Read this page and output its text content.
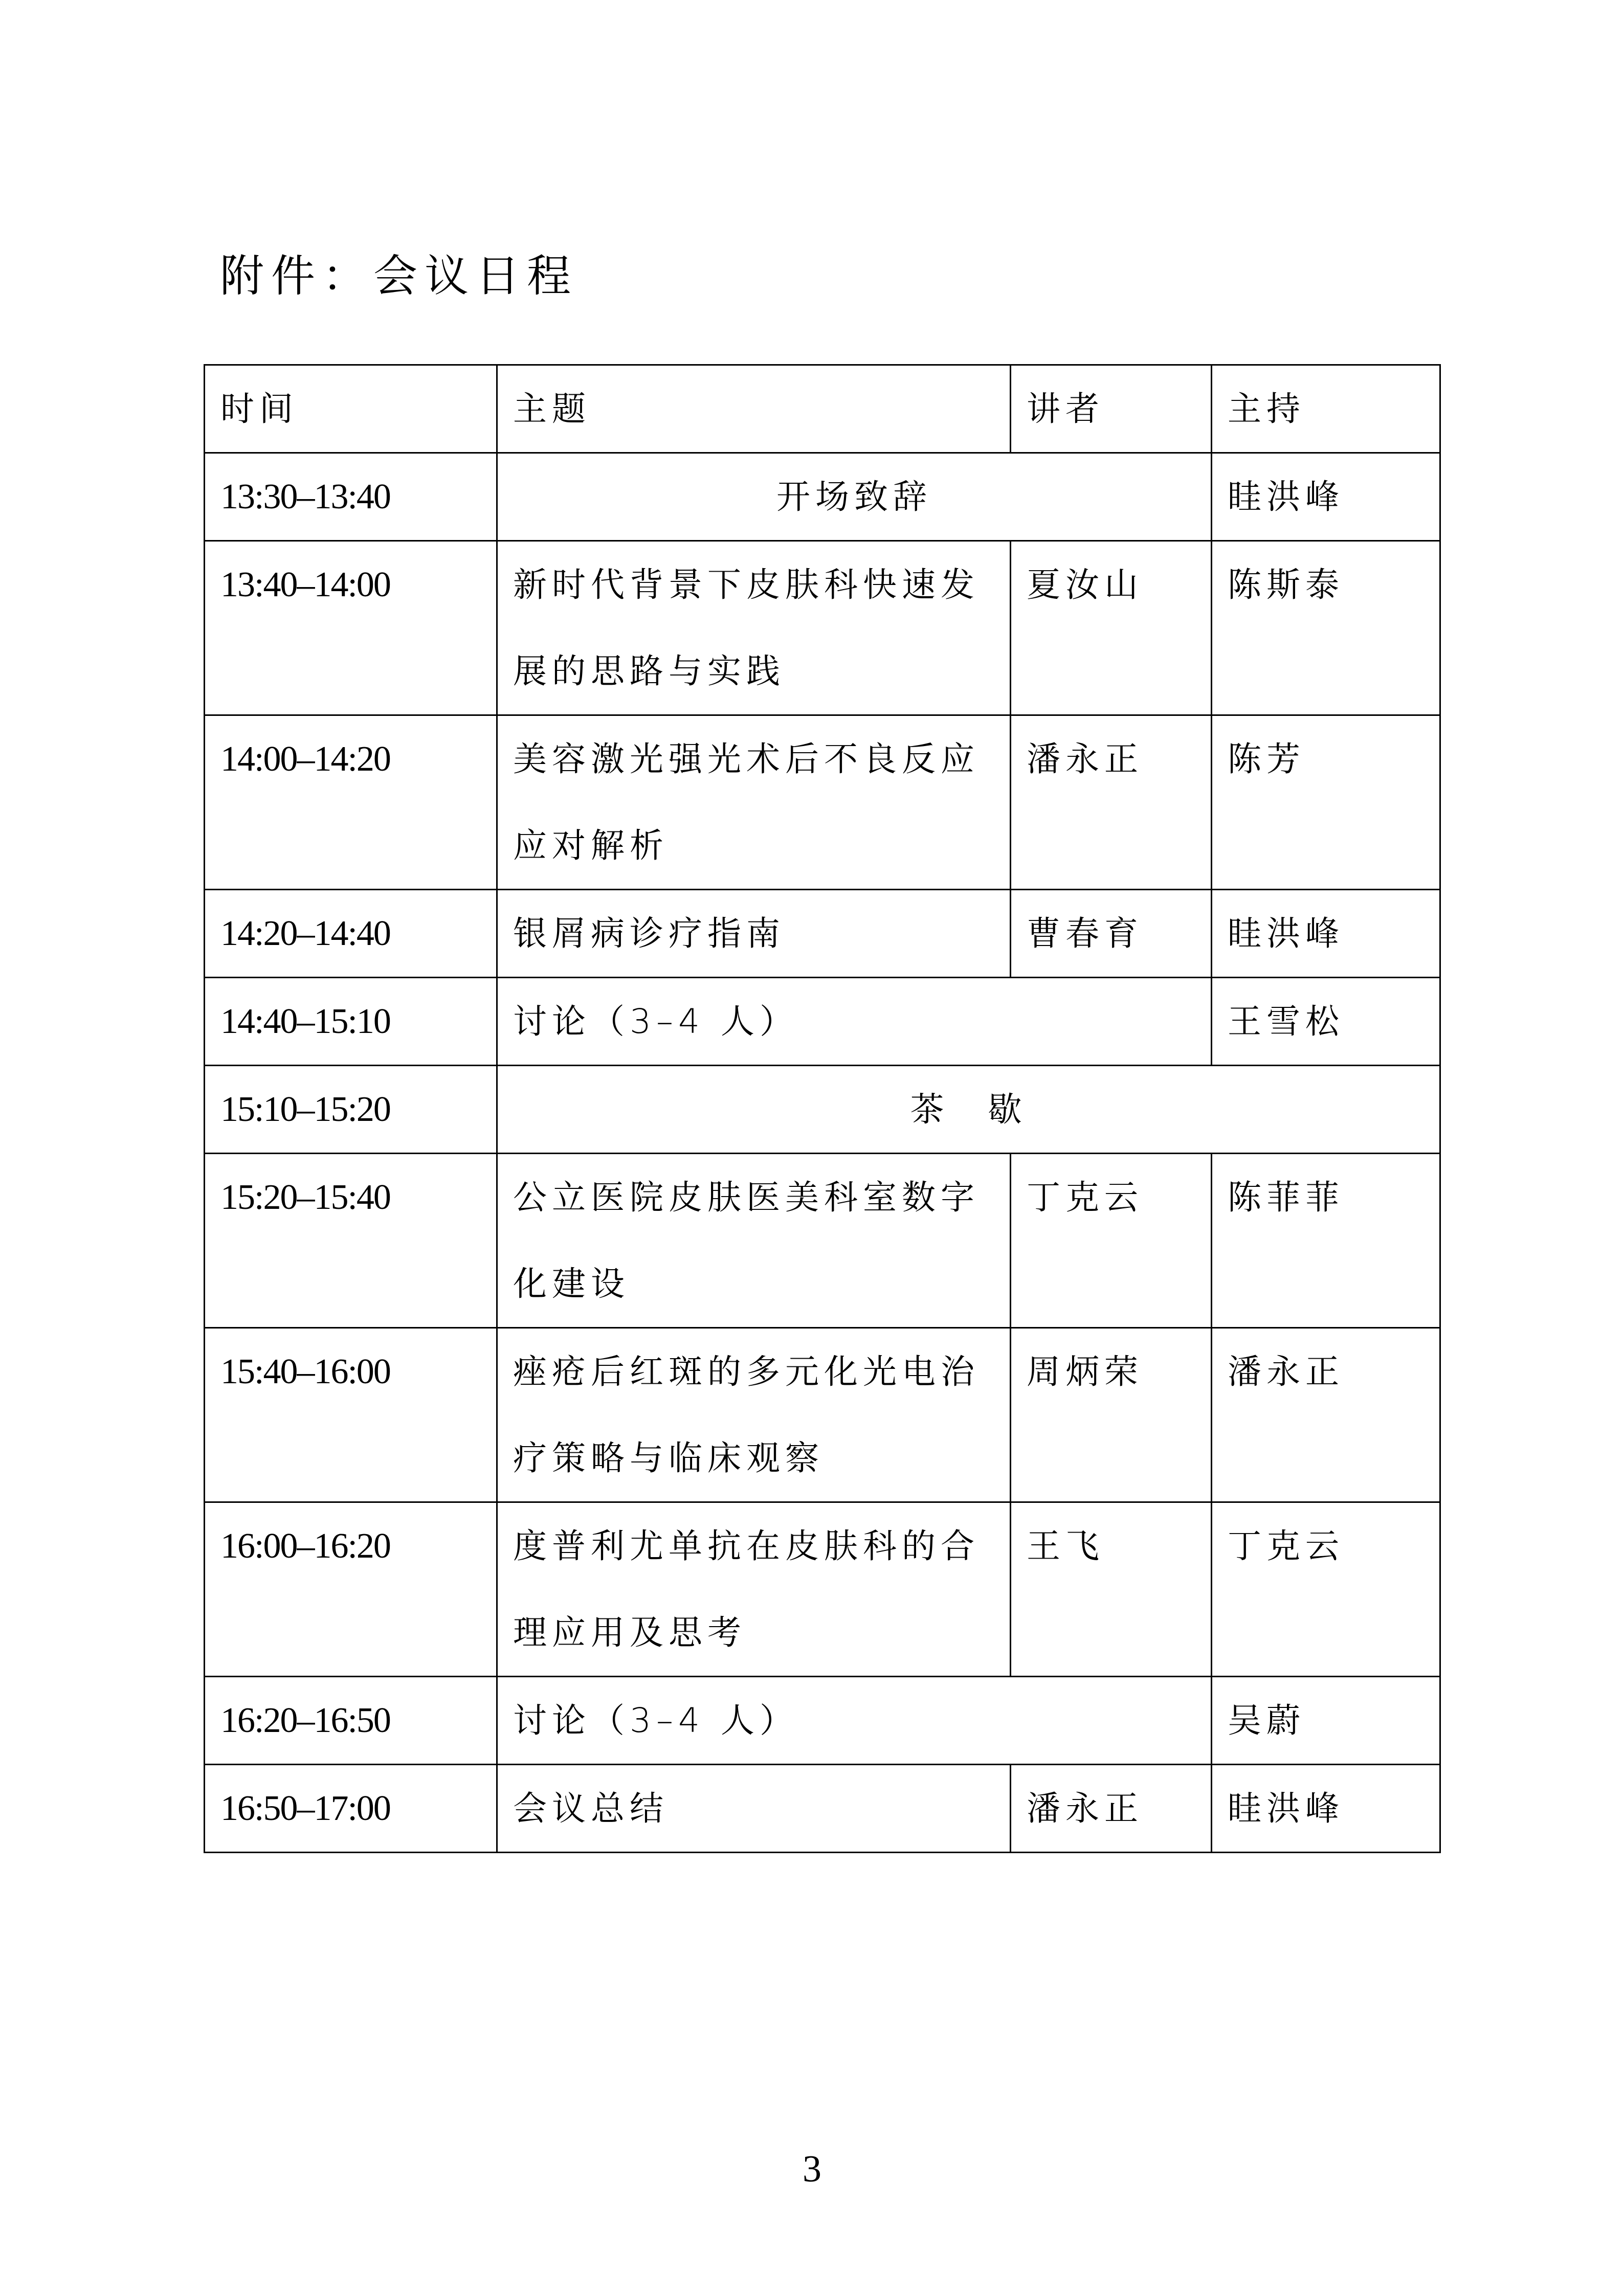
附件：会议日程
时间	主题	讲者	主持
13:30–13:40	开场致辞		眭洪峰
13:40–14:00	新时代背景下皮肤科快速发
展的思路与实践	夏汝山	陈斯泰
14:00–14:20	美容激光强光术后不良反应
应对解析	潘永正	陈芳
14:20–14:40	银屑病诊疗指南	曹春育	眭洪峰
14:40–15:10	讨论（3–4 人）		王雪松
15:10–15:20	茶　歇		
15:20–15:40	公立医院皮肤医美科室数字
化建设	丁克云	陈菲菲
15:40–16:00	痤疮后红斑的多元化光电治
疗策略与临床观察	周炳荣	潘永正
16:00–16:20	度普利尤单抗在皮肤科的合
理应用及思考	王飞	丁克云
16:20–16:50	讨论（3–4 人）		吴蔚
16:50–17:00	会议总结	潘永正	眭洪峰
3
